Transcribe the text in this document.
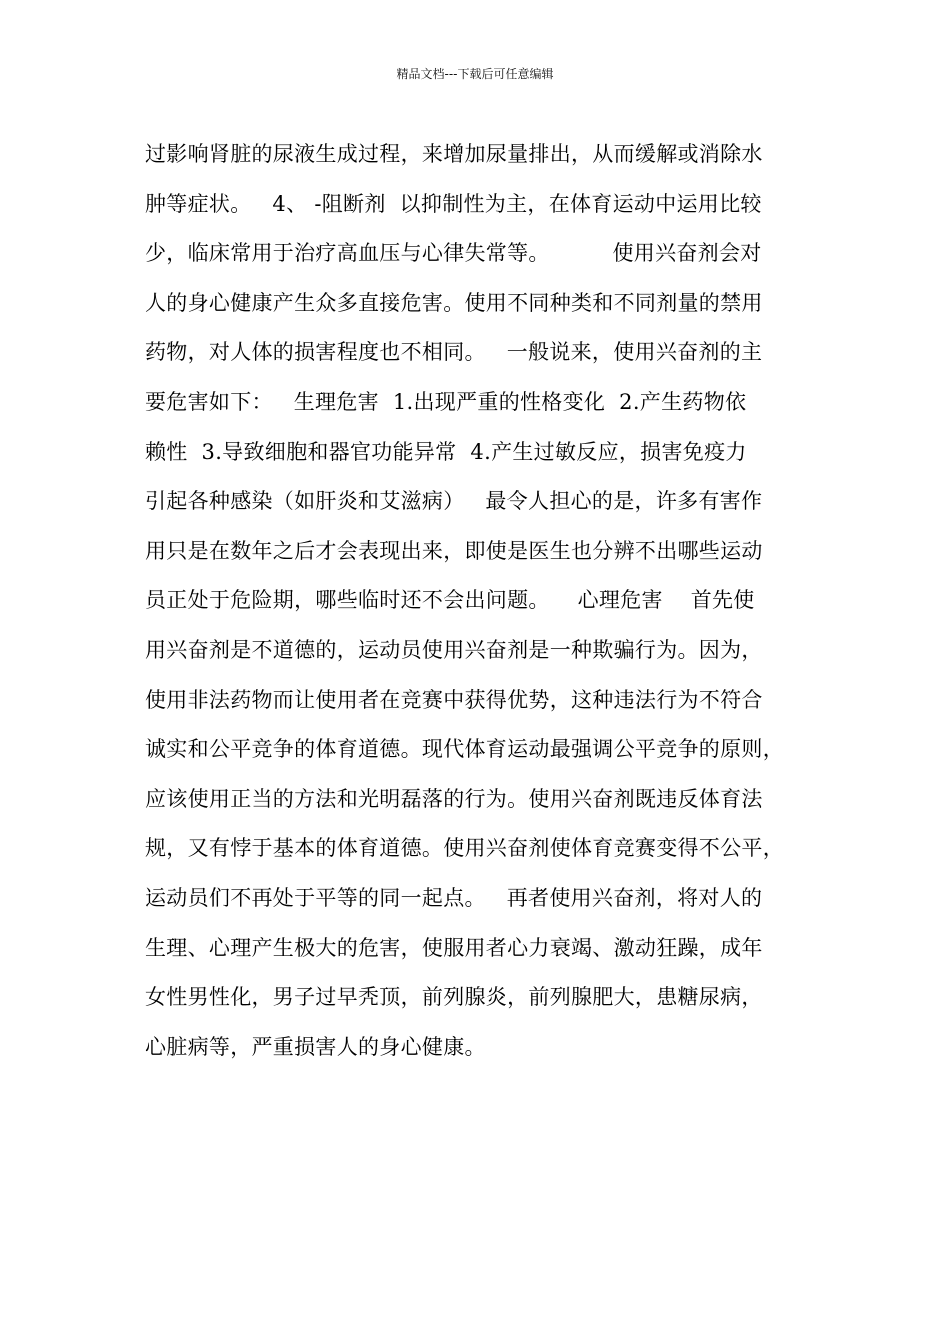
精品文档---下载后可任意编辑
过影响肾脏的尿液生成过程，来增加尿量排出，从而缓解或消除水
肿等症状。   4、 -阻断剂  以抑制性为主，在体育运动中运用比较
少，临床常用于治疗高血压与心律失常等。         使用兴奋剂会对
人的身心健康产生众多直接危害。使用不同种类和不同剂量的禁用
药物，对人体的损害程度也不相同。   一般说来，使用兴奋剂的主
要危害如下：   生理危害  1.出现严重的性格变化  2.产生药物依
赖性  3.导致细胞和器官功能异常  4.产生过敏反应，损害免疫力
引起各种感染（如肝炎和艾滋病）   最令人担心的是，许多有害作
用只是在数年之后才会表现出来，即使是医生也分辨不出哪些运动
员正处于危险期，哪些临时还不会出问题。    心理危害    首先使
用兴奋剂是不道德的，运动员使用兴奋剂是一种欺骗行为。因为，
使用非法药物而让使用者在竞赛中获得优势，这种违法行为不符合
诚实和公平竞争的体育道德。现代体育运动最强调公平竞争的原则，
应该使用正当的方法和光明磊落的行为。使用兴奋剂既违反体育法
规，又有悖于基本的体育道德。使用兴奋剂使体育竞赛变得不公平，
运动员们不再处于平等的同一起点。   再者使用兴奋剂，将对人的
生理、心理产生极大的危害，使服用者心力衰竭、激动狂躁，成年
女性男性化，男子过早秃顶，前列腺炎，前列腺肥大，患糖尿病，
心脏病等，严重损害人的身心健康。
